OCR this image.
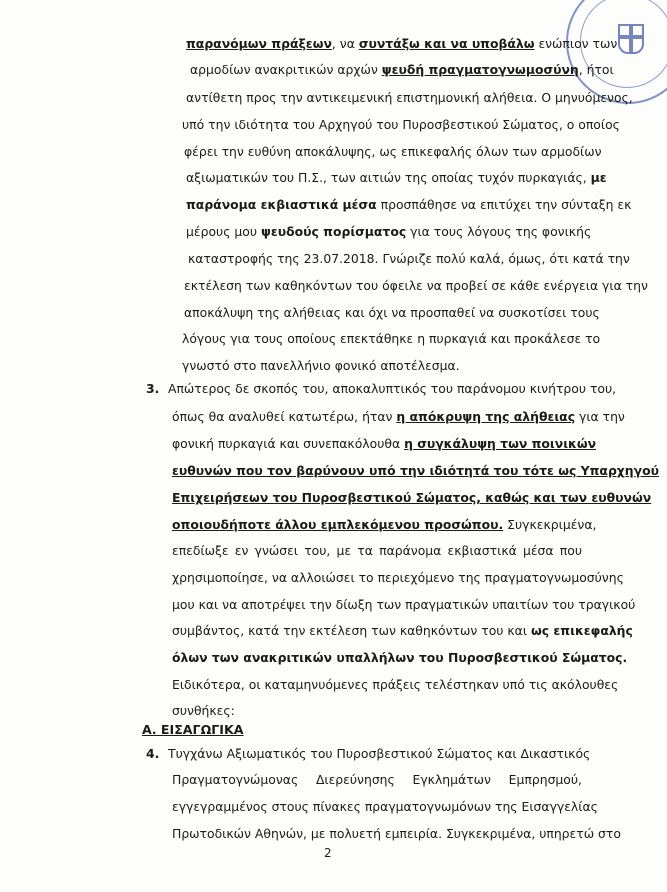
παρανόμων πράξεων, να συντάξω και να υποβάλω ενώπιον των
αρμοδίων ανακριτικών αρχών ψευδή πραγματογνωμοσύνη, ήτοι
αντίθετη προς την αντικειμενική επιστημονική αλήθεια. Ο μηνυόμενος,
υπό την ιδιότητα του Αρχηγού του Πυροσβεστικού Σώματος, ο οποίος
φέρει την ευθύνη αποκάλυψης, ως επικεφαλής όλων των αρμοδίων
αξιωματικών του Π.Σ., των αιτιών της οποίας τυχόν πυρκαγιάς, με
παράνομα εκβιαστικά μέσα προσπάθησε να επιτύχει την σύνταξη εκ
μέρους μου ψευδούς πορίσματος για τους λόγους της φονικής
καταστροφής της 23.07.2018. Γνώριζε πολύ καλά, όμως, ότι κατά την
εκτέλεση των καθηκόντων του όφειλε να προβεί σε κάθε ενέργεια για την
αποκάλυψη της αλήθειας και όχι να προσπαθεί να συσκοτίσει τους
λόγους για τους οποίους επεκτάθηκε η πυρκαγιά και προκάλεσε το
γνωστό στο πανελλήνιο φονικό αποτέλεσμα.
3. Απώτερος δε σκοπός του, αποκαλυπτικός του παράνομου κινήτρου του,
όπως θα αναλυθεί κατωτέρω, ήταν η απόκρυψη της αλήθειας για την
φονική πυρκαγιά και συνεπακόλουθα η συγκάλυψη των ποινικών
ευθυνών που τον βαρύνουν υπό την ιδιότητά του τότε ως Υπαρχηγού
Επιχειρήσεων του Πυροσβεστικού Σώματος, καθώς και των ευθυνών
οποιουδήποτε άλλου εμπλεκόμενου προσώπου. Συγκεκριμένα,
επεδίωξε εν γνώσει του, με τα παράνομα εκβιαστικά μέσα που
χρησιμοποίησε, να αλλοιώσει το περιεχόμενο της πραγματογνωμοσύνης
μου και να αποτρέψει την δίωξη των πραγματικών υπαιτίων του τραγικού
συμβάντος, κατά την εκτέλεση των καθηκόντων του και ως επικεφαλής
όλων των ανακριτικών υπαλλήλων του Πυροσβεστικού Σώματος.
Ειδικότερα, οι καταμηνυόμενες πράξεις τελέστηκαν υπό τις ακόλουθες
συνθήκες:
Α. ΕΙΣΑΓΩΓΙΚΑ
4. Τυγχάνω Αξιωματικός του Πυροσβεστικού Σώματος και Δικαστικός
Πραγματογνώμονας Διερεύνησης Εγκλημάτων Εμπρησμού,
εγγεγραμμένος στους πίνακες πραγματογνωμόνων της Εισαγγελίας
Πρωτοδικών Αθηνών, με πολυετή εμπειρία. Συγκεκριμένα, υπηρετώ στο
2
